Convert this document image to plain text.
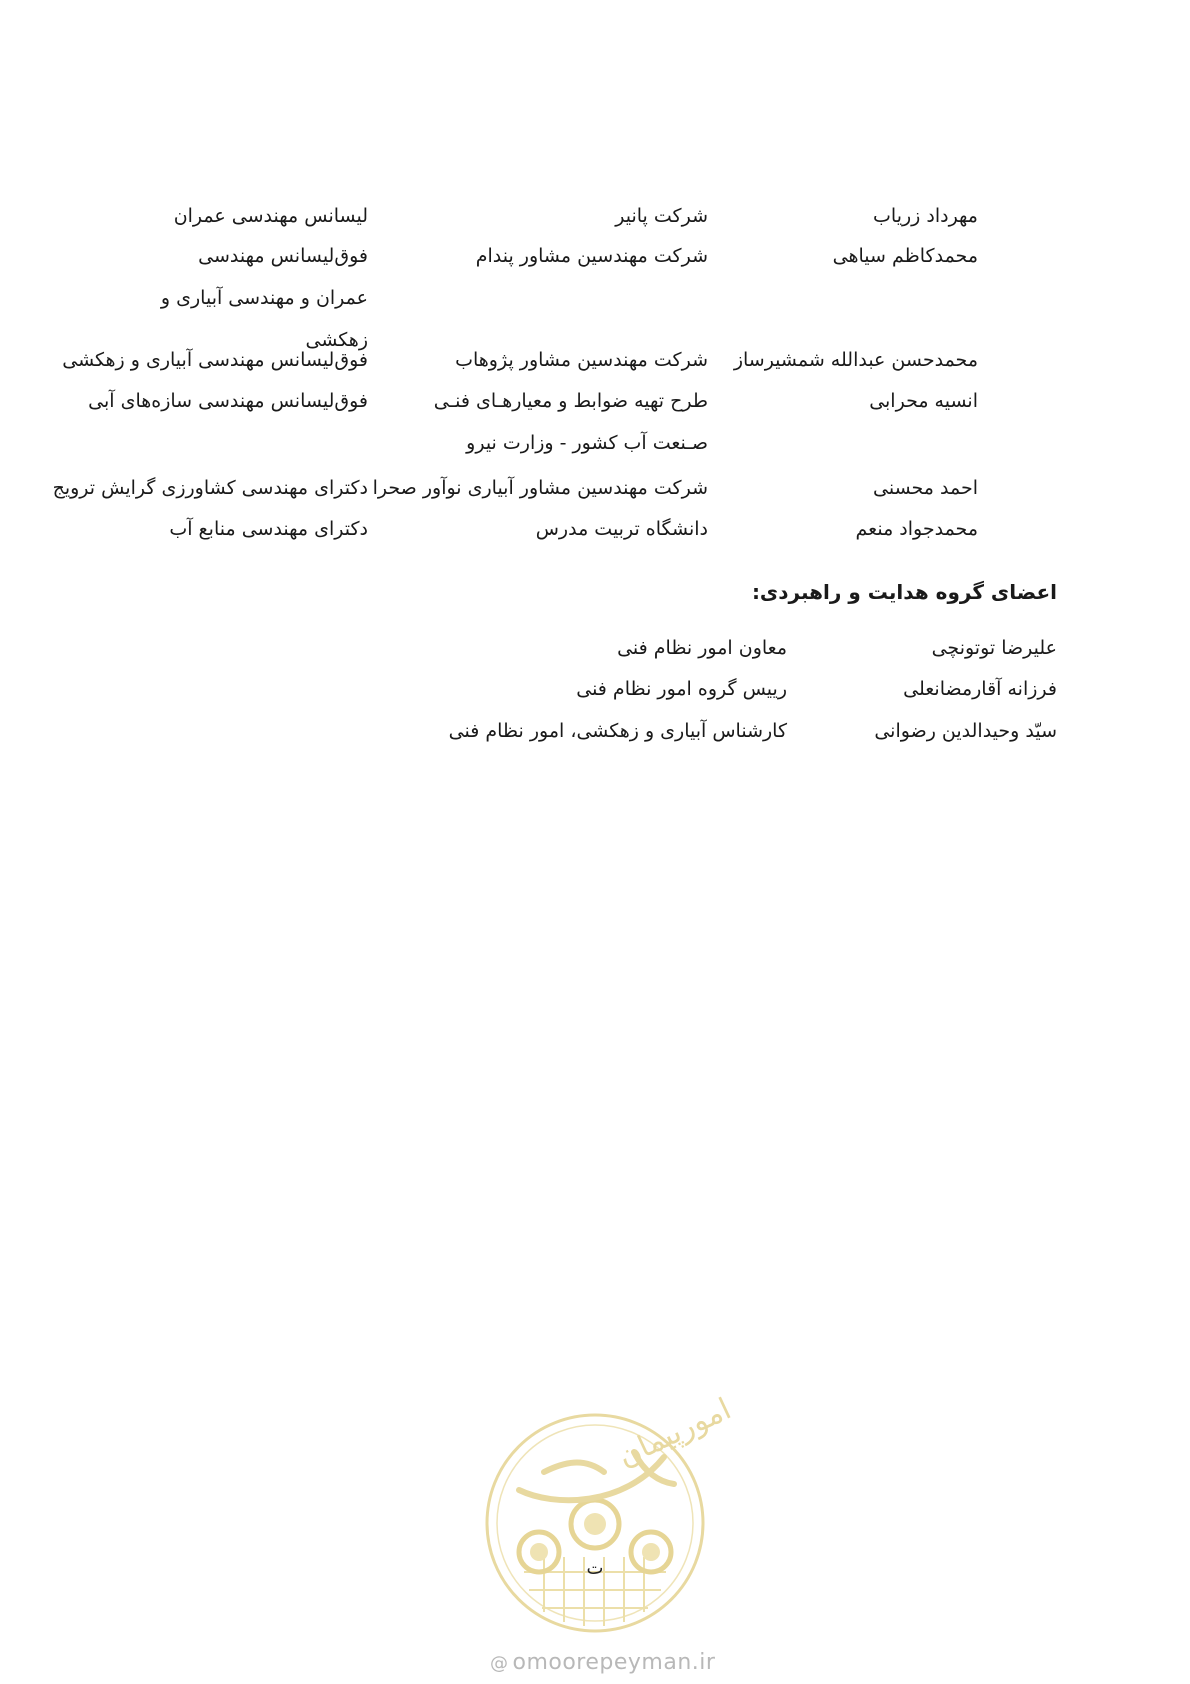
مهرداد زریاب
شرکت پانیر
لیسانس مهندسی عمران
محمدکاظم سیاهی
شرکت مهندسین مشاور پندام
فوق‌لیسانس مهندسی عمران و مهندسی آبیاری و زهکشی
محمدحسن عبدالله شمشیرساز
شرکت مهندسین مشاور پژوهاب
فوق‌لیسانس مهندسی آبیاری و زهکشی
انسیه محرابی
طرح تهیه ضوابط و معیارهـای فنـی صـنعت آب کشور - وزارت نیرو
فوق‌لیسانس مهندسی سازه‌های آبی
احمد محسنی
شرکت مهندسین مشاور آبیاری نوآور صحرا
دکترای مهندسی کشاورزی گرایش ترویج
محمدجواد منعم
دانشگاه تربیت مدرس
دکترای مهندسی منابع آب
اعضای گروه هدایت و راهبردی:
علیرضا توتونچی
معاون امور نظام فنی
فرزانه آقارمضانعلی
رییس گروه امور نظام فنی
سیّد وحیدالدین رضوانی
کارشناس آبیاری و زهکشی، امور نظام فنی
امورپیمان
ت
@ omoorepeyman.ir
